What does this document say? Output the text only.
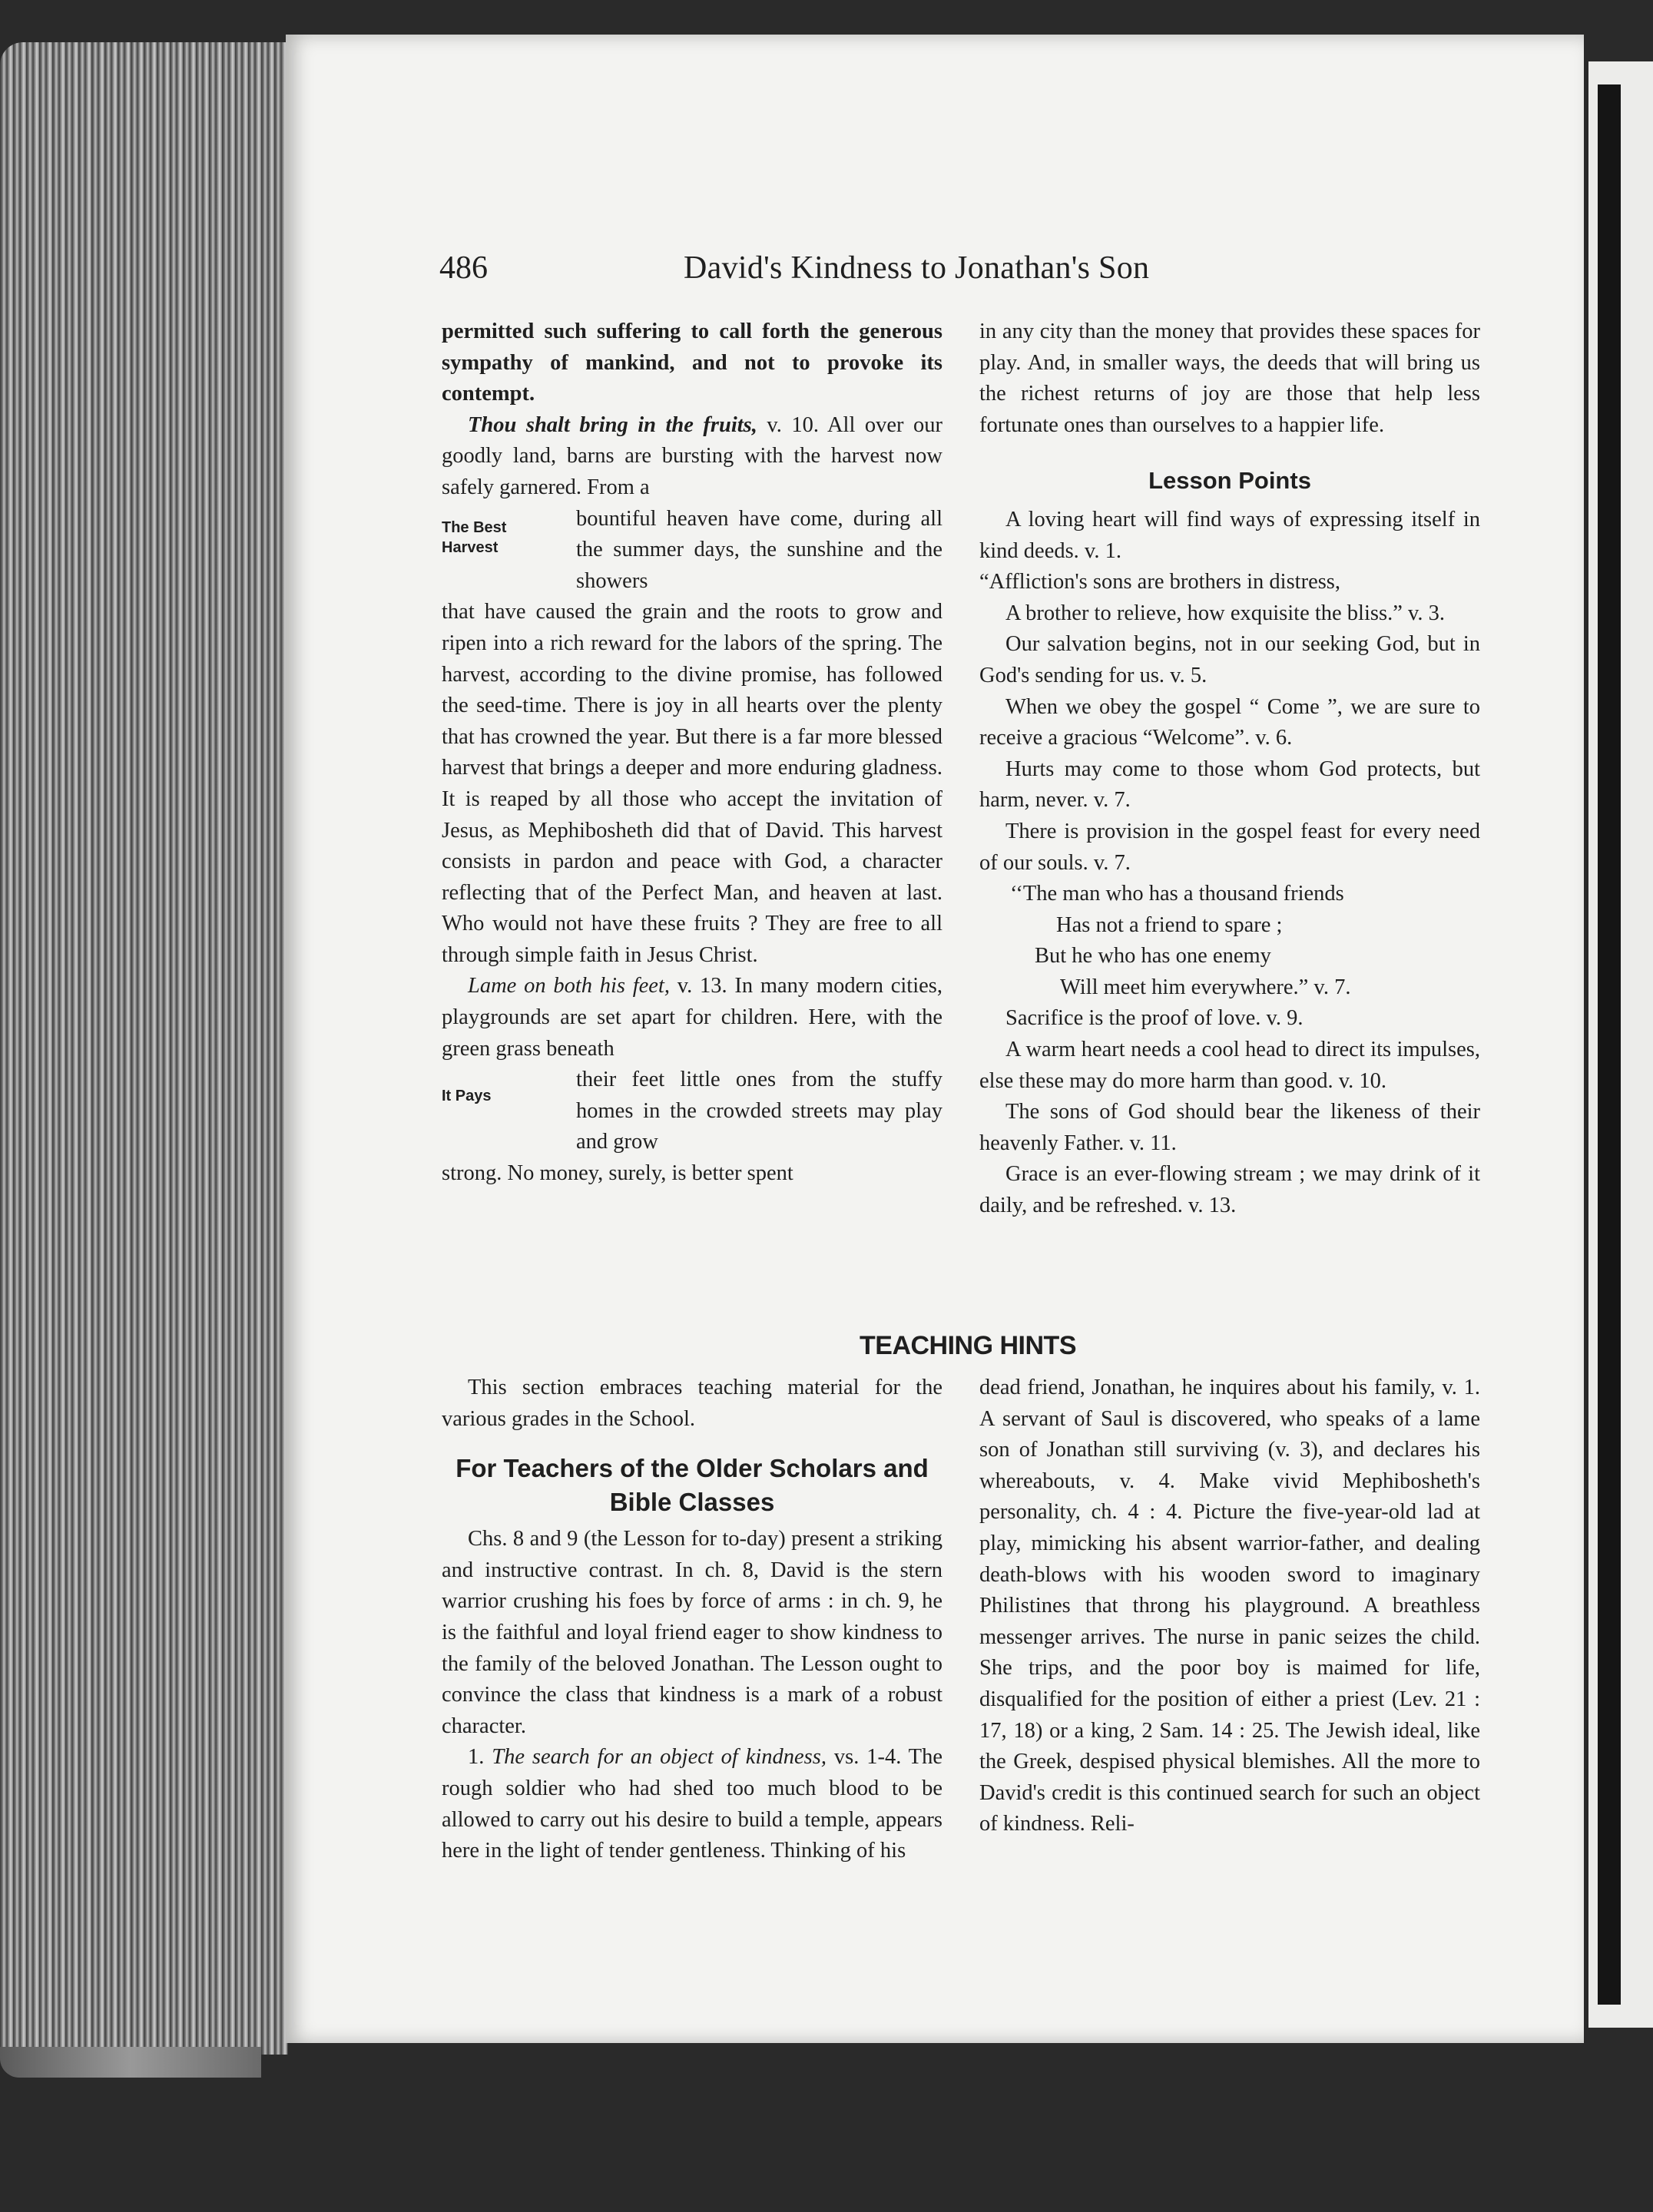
486	David's Kindness to Jonathan's Son

permitted such suffering to call forth the generous sympathy of mankind, and not to provoke its contempt.

Thou shalt bring in the fruits, v. 10. All over our goodly land, barns are bursting with the harvest now safely garnered. From a

The Best
Harvest
bountiful heaven have come, during all the summer days, the sunshine and the showers

that have caused the grain and the roots to grow and ripen into a rich reward for the labors of the spring. The harvest, according to the divine promise, has followed the seed-time. There is joy in all hearts over the plenty that has crowned the year. But there is a far more blessed harvest that brings a deeper and more enduring gladness. It is reaped by all those who accept the invitation of Jesus, as Mephibosheth did that of David. This harvest consists in pardon and peace with God, a character reflecting that of the Perfect Man, and heaven at last. Who would not have these fruits ? They are free to all through simple faith in Jesus Christ.

Lame on both his feet, v. 13. In many modern cities, playgrounds are set apart for children. Here, with the green grass beneath

It Pays
their feet little ones from the stuffy homes in the crowded streets may play and grow

strong. No money, surely, is better spent

in any city than the money that provides these spaces for play. And, in smaller ways, the deeds that will bring us the richest returns of joy are those that help less fortunate ones than ourselves to a happier life.

Lesson Points

A loving heart will find ways of expressing itself in kind deeds. v. 1.

“Affliction's sons are brothers in distress,

A brother to relieve, how exquisite the bliss.” v. 3.

Our salvation begins, not in our seeking God, but in God's sending for us. v. 5.

When we obey the gospel “ Come ”, we are sure to receive a gracious “Welcome”. v. 6.

Hurts may come to those whom God protects, but harm, never. v. 7.

There is provision in the gospel feast for every need of our souls. v. 7.

‘‘The man who has a thousand friends
Has not a friend to spare ;
But he who has one enemy
Will meet him everywhere.” v. 7.

Sacrifice is the proof of love. v. 9.

A warm heart needs a cool head to direct its impulses, else these may do more harm than good. v. 10.

The sons of God should bear the likeness of their heavenly Father. v. 11.

Grace is an ever-flowing stream ; we may drink of it daily, and be refreshed. v. 13.

TEACHING HINTS

This section embraces teaching material for the various grades in the School.

For Teachers of the Older Scholars and Bible Classes

Chs. 8 and 9 (the Lesson for to-day) present a striking and instructive contrast. In ch. 8, David is the stern warrior crushing his foes by force of arms : in ch. 9, he is the faithful and loyal friend eager to show kindness to the family of the beloved Jonathan. The Lesson ought to convince the class that kindness is a mark of a robust character.

1. The search for an object of kindness, vs. 1-4. The rough soldier who had shed too much blood to be allowed to carry out his desire to build a temple, appears here in the light of tender gentleness. Thinking of his

dead friend, Jonathan, he inquires about his family, v. 1. A servant of Saul is discovered, who speaks of a lame son of Jonathan still surviving (v. 3), and declares his whereabouts, v. 4. Make vivid Mephibosheth's personality, ch. 4 : 4. Picture the five-year-old lad at play, mimicking his absent warrior-father, and dealing death-blows with his wooden sword to imaginary Philistines that throng his playground. A breathless messenger arrives. The nurse in panic seizes the child. She trips, and the poor boy is maimed for life, disqualified for the position of either a priest (Lev. 21 : 17, 18) or a king, 2 Sam. 14 : 25. The Jewish ideal, like the Greek, despised physical blemishes. All the more to David's credit is this continued search for such an object of kindness. Reli-
